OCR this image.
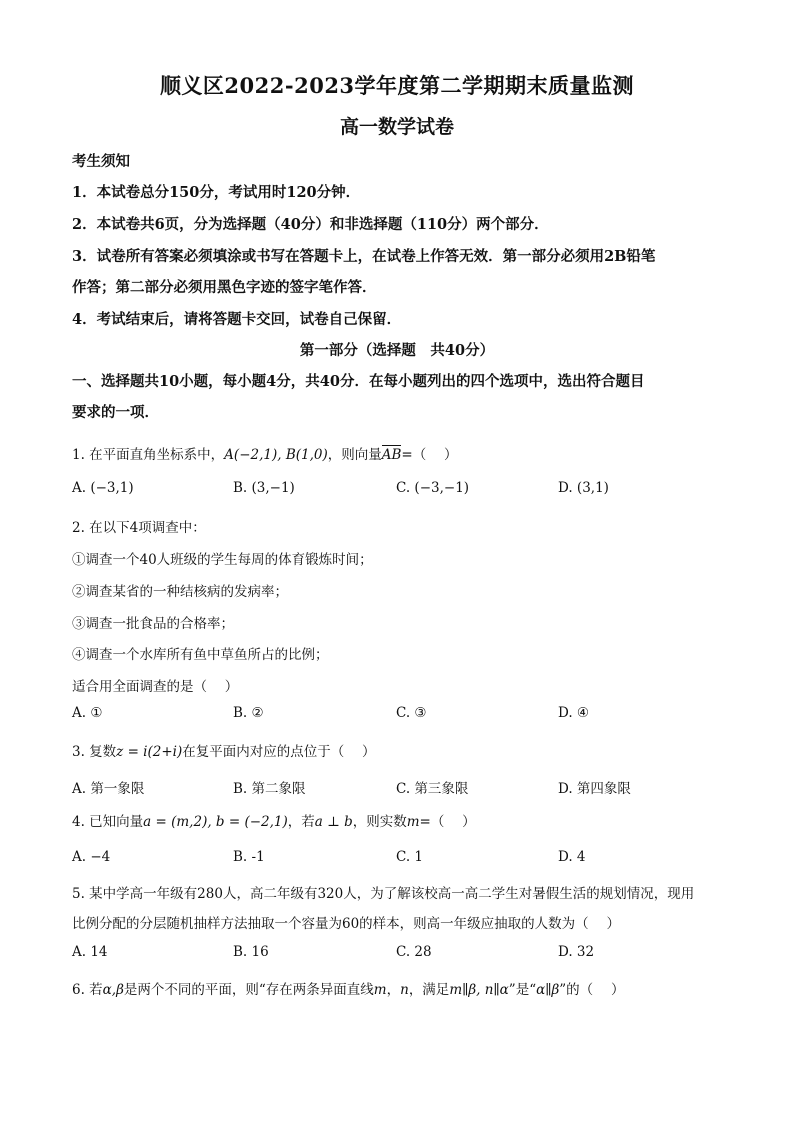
顺义区2022-2023学年度第二学期期末质量监测
高一数学试卷
考生须知
1．本试卷总分150分，考试用时120分钟．
2．本试卷共6页，分为选择题（40分）和非选择题（110分）两个部分．
3．试卷所有答案必须填涂或书写在答题卡上，在试卷上作答无效．第一部分必须用2B铅笔
作答；第二部分必须用黑色字迹的签字笔作答．
4．考试结束后，请将答题卡交回，试卷自己保留．
第一部分（选择题　共40分）
一、选择题共10小题，每小题4分，共40分．在每小题列出的四个选项中，选出符合题目
要求的一项．
1. 在平面直角坐标系中，A(−2,1), B(1,0)，则向量AB=（　 ）
A. (−3,1)	B. (3,−1)	C. (−3,−1)	D. (3,1)
2. 在以下4项调查中：
①调查一个40人班级的学生每周的体育锻炼时间；
②调查某省的一种结核病的发病率；
③调查一批食品的合格率；
④调查一个水库所有鱼中草鱼所占的比例；
适合用全面调查的是（　 ）
A. ①	B. ②	C. ③	D. ④
3. 复数z = i(2+i)在复平面内对应的点位于（　 ）
A. 第一象限	B. 第二象限	C. 第三象限	D. 第四象限
4. 已知向量a = (m,2), b = (−2,1)，若a ⊥ b，则实数m=（　 ）
A. −4	B. -1	C. 1	D. 4
5. 某中学高一年级有280人，高二年级有320人，为了解该校高一高二学生对暑假生活的规划情况，现用
比例分配的分层随机抽样方法抽取一个容量为60的样本，则高一年级应抽取的人数为（　 ）
A. 14	B. 16	C. 28	D. 32
6. 若α,β是两个不同的平面，则“存在两条异面直线m，n，满足m∥β, n∥α”是“α∥β”的（　 ）
